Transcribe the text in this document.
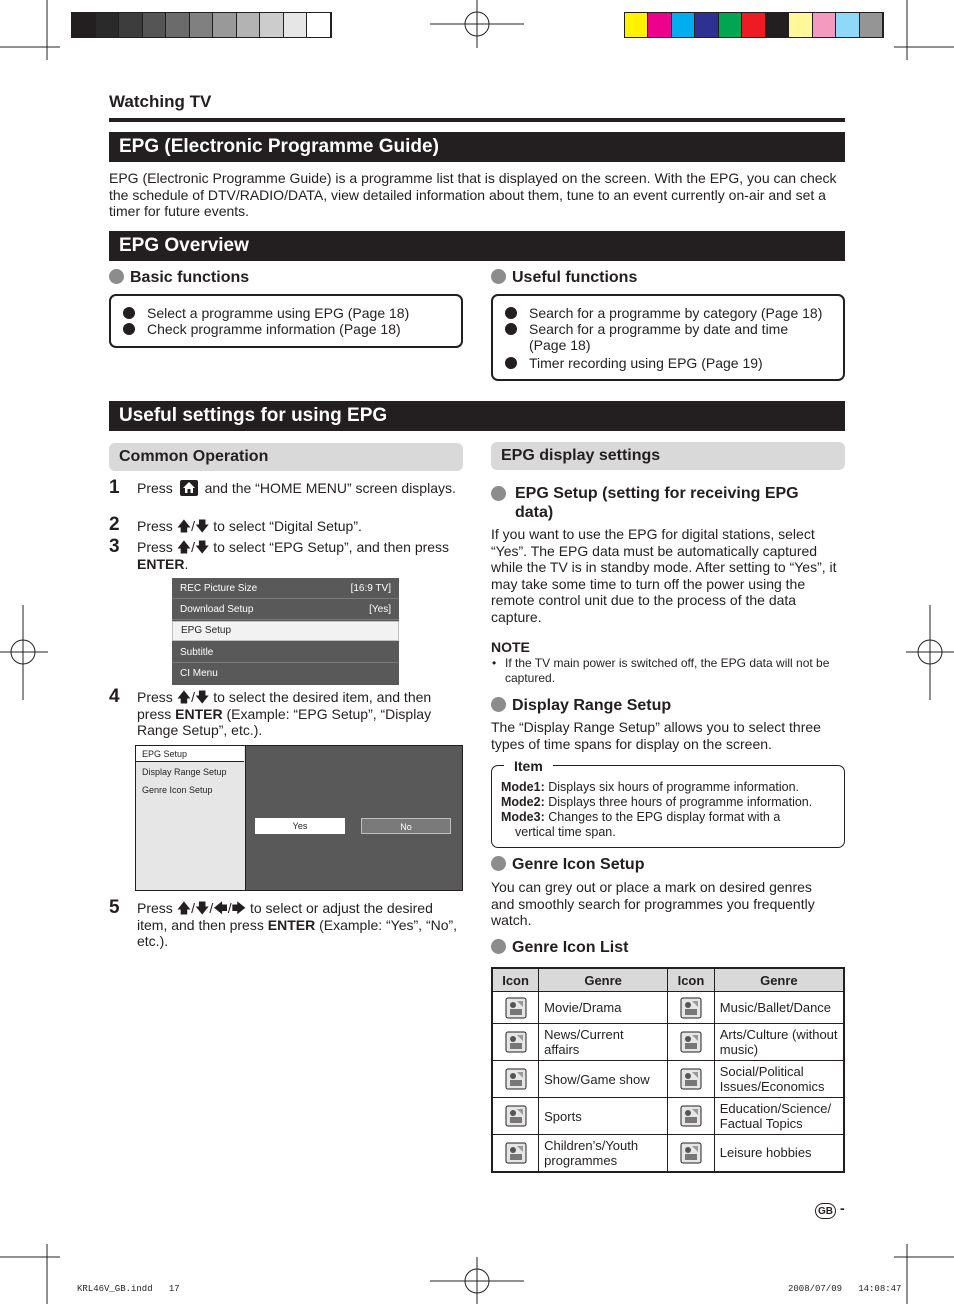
Watching TV
EPG (Electronic Programme Guide)
EPG (Electronic Programme Guide) is a programme list that is displayed on the screen. With the EPG, you can check the schedule of DTV/RADIO/DATA, view detailed information about them, tune to an event currently on-air and set a timer for future events.
EPG Overview
Basic functions
Select a programme using EPG (Page 18)
Check programme information (Page 18)
Useful functions
Search for a programme by category (Page 18)
Search for a programme by date and time (Page 18)
Timer recording using EPG (Page 19)
Useful settings for using EPG
Common Operation
1 Press and the “HOME MENU” screen displays.
2 Press 🡅/🡇 to select “Digital Setup”.
3 Press 🡅/🡇 to select “EPG Setup”, and then press ENTER.
REC Picture Size	[16:9 TV]
Download Setup	[Yes]
EPG Setup
Subtitle
CI Menu
4 Press 🡅/🡇 to select the desired item, and then press ENTER (Example: “EPG Setup”, “Display Range Setup”, etc.).
EPG Setup
Display Range Setup
Genre Icon Setup
Yes	No
5 Press 🡅/🡇/🡄/🡆 to select or adjust the desired item, and then press ENTER (Example: “Yes”, “No”, etc.).
EPG display settings
EPG Setup (setting for receiving EPG data)
If you want to use the EPG for digital stations, select “Yes”. The EPG data must be automatically captured while the TV is in standby mode. After setting to “Yes”, it may take some time to turn off the power using the remote control unit due to the process of the data capture.
NOTE
• If the TV main power is switched off, the EPG data will not be captured.
Display Range Setup
The “Display Range Setup” allows you to select three types of time spans for display on the screen.
Item
Mode1: Displays six hours of programme information.
Mode2: Displays three hours of programme information.
Mode3: Changes to the EPG display format with a vertical time span.
Genre Icon Setup
You can grey out or place a mark on desired genres and smoothly search for programmes you frequently watch.
Genre Icon List
Icon	Genre	Icon	Genre

	Movie/Drama		Music/Ballet/Dance

	News/Current affairs		Arts/Culture (without music)

	Show/Game show		Social/Political Issues/Economics

	Sports		Education/Science/ Factual Topics

	Children’s/Youth programmes		Leisure hobbies
GB -
KRL46V_GB.indd   17	2008/07/09   14:08:47
